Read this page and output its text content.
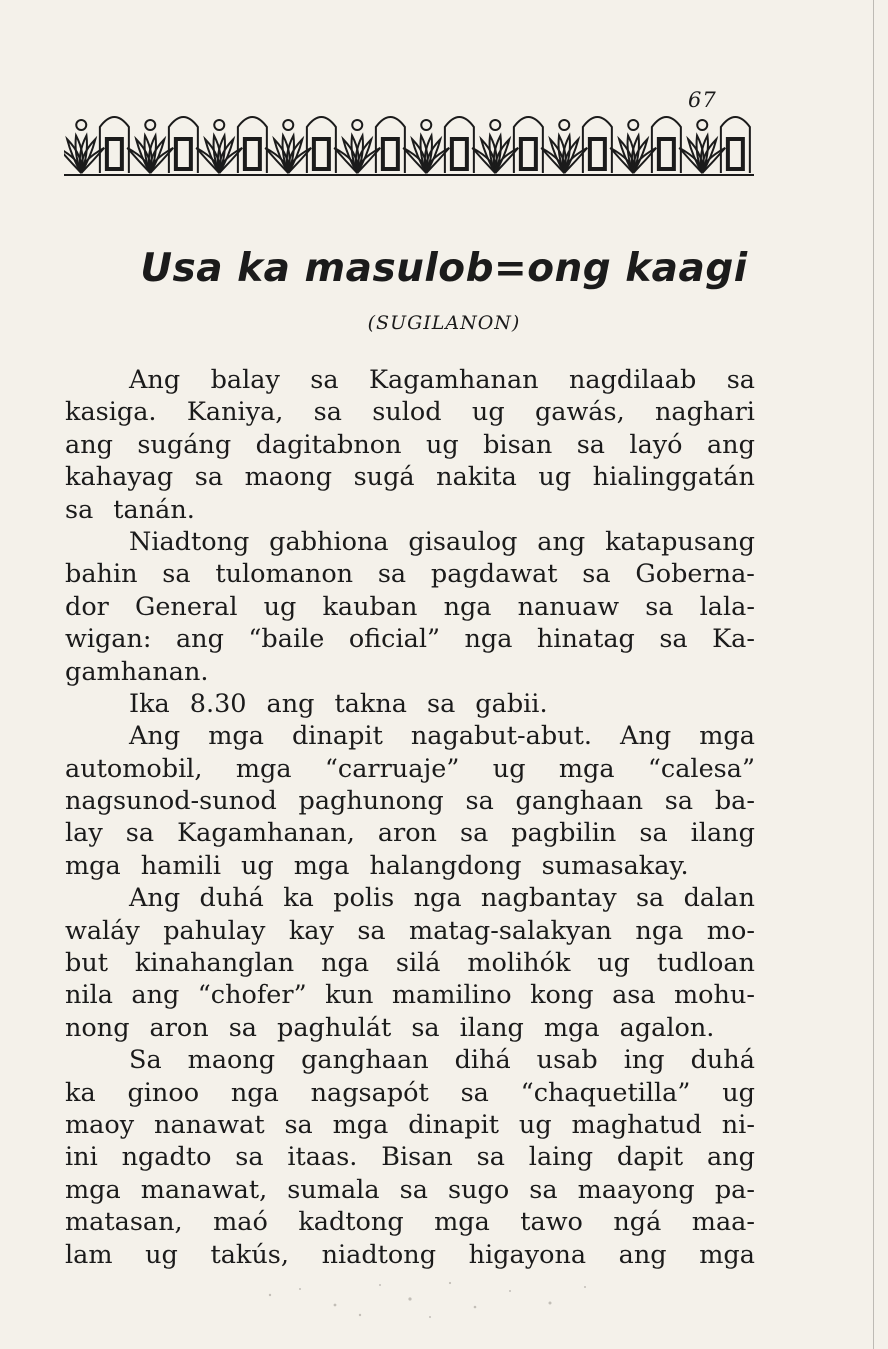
67
Usa ka masulob=ong kaagi

(SUGILANON)

Ang balay sa Kagamhanan nagdilaab sa
kasiga. Kaniya, sa sulod ug gawás, naghari
ang sugáng dagitabnon ug bisan sa layó ang
kahayag sa maong sugá nakita ug hialinggatán
sa tanán.
Niadtong gabhiona gisaulog ang katapusang
bahin sa tulomanon sa pagdawat sa Goberna-
dor General ug kauban nga nanuaw sa lala-
wigan: ang “baile oficial” nga hinatag sa Ka-
gamhanan.
Ika 8.30 ang takna sa gabii.
Ang mga dinapit nagabut-abut. Ang mga
automobil, mga “carruaje” ug mga “calesa”
nagsunod-sunod paghunong sa ganghaan sa ba-
lay sa Kagamhanan, aron sa pagbilin sa ilang
mga hamili ug mga halangdong sumasakay.
Ang duhá ka polis nga nagbantay sa dalan
waláy pahulay kay sa matag-salakyan nga mo-
but kinahanglan nga silá molihók ug tudloan
nila ang “chofer” kun mamilino kong asa mohu-
nong aron sa paghulát sa ilang mga agalon.
Sa maong ganghaan dihá usab ing duhá
ka ginoo nga nagsapót sa “chaquetilla” ug
maoy nanawat sa mga dinapit ug maghatud ni-
ini ngadto sa itaas. Bisan sa laing dapit ang
mga manawat, sumala sa sugo sa maayong pa-
matasan, maó kadtong mga tawo ngá maa-
lam ug takús, niadtong higayona ang mga
